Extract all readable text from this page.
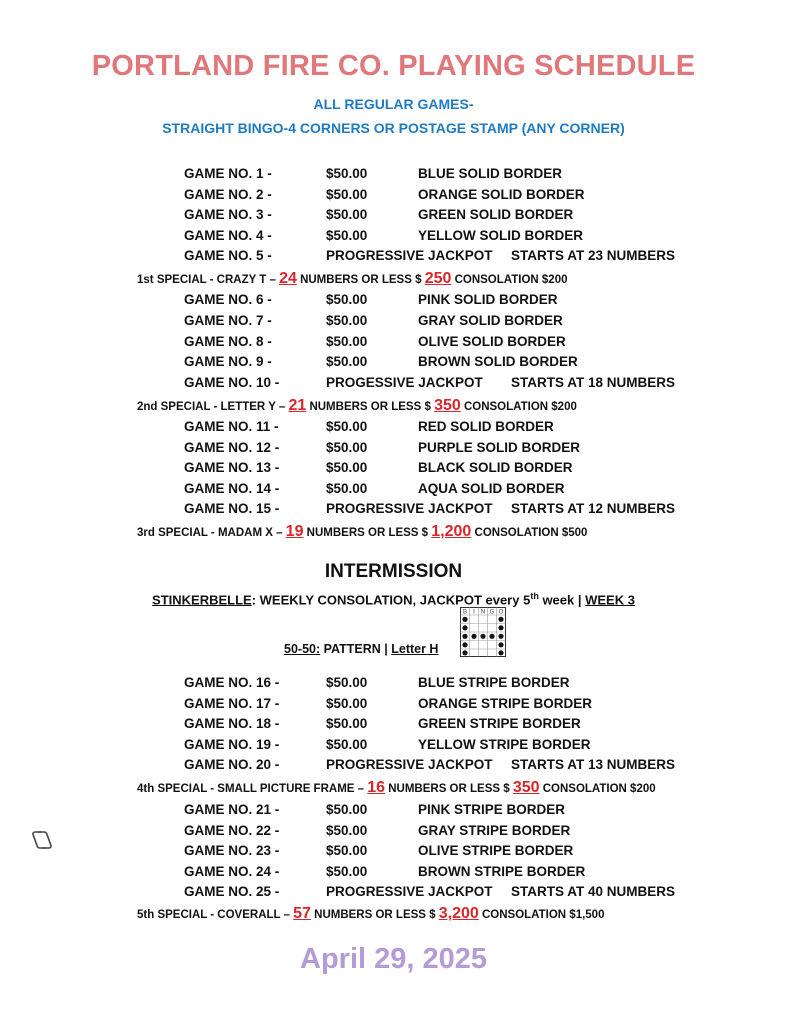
PORTLAND FIRE CO. PLAYING SCHEDULE
ALL REGULAR GAMES-
STRAIGHT BINGO-4 CORNERS OR POSTAGE STAMP (ANY CORNER)
GAME NO. 1 -	$50.00	BLUE SOLID BORDER
GAME NO. 2 -	$50.00	ORANGE SOLID BORDER
GAME NO. 3 -	$50.00	GREEN SOLID BORDER
GAME NO. 4 -	$50.00	YELLOW SOLID BORDER
GAME NO. 5 -	PROGRESSIVE JACKPOT STARTS AT 23 NUMBERS
1st SPECIAL - CRAZY T – 24 NUMBERS OR LESS $ 250 CONSOLATION $200
GAME NO. 6 -	$50.00	PINK SOLID BORDER
GAME NO. 7 -	$50.00	GRAY SOLID BORDER
GAME NO. 8 -	$50.00	OLIVE SOLID BORDER
GAME NO. 9 -	$50.00	BROWN SOLID BORDER
GAME NO. 10 -	PROGESSIVE JACKPOT STARTS AT 18 NUMBERS
2nd SPECIAL - LETTER Y – 21 NUMBERS OR LESS $ 350 CONSOLATION $200
GAME NO. 11 -	$50.00	RED SOLID BORDER
GAME NO. 12 -	$50.00	PURPLE SOLID BORDER
GAME NO. 13 -	$50.00	BLACK SOLID BORDER
GAME NO. 14 -	$50.00	AQUA SOLID BORDER
GAME NO. 15 -	PROGRESSIVE JACKPOT STARTS AT 12 NUMBERS
3rd SPECIAL - MADAM X – 19 NUMBERS OR LESS $ 1,200 CONSOLATION $500
INTERMISSION
STINKERBELLE: WEEKLY CONSOLATION, JACKPOT every 5th week | WEEK 3
50-50: PATTERN | Letter H
B I N G O
GAME NO. 16 -	$50.00	BLUE STRIPE BORDER
GAME NO. 17 -	$50.00	ORANGE STRIPE BORDER
GAME NO. 18 -	$50.00	GREEN STRIPE BORDER
GAME NO. 19 -	$50.00	YELLOW STRIPE BORDER
GAME NO. 20 -	PROGRESSIVE JACKPOT STARTS AT 13 NUMBERS
4th SPECIAL - SMALL PICTURE FRAME – 16 NUMBERS OR LESS $ 350 CONSOLATION $200
GAME NO. 21 -	$50.00	PINK STRIPE BORDER
GAME NO. 22 -	$50.00	GRAY STRIPE BORDER
GAME NO. 23 -	$50.00	OLIVE STRIPE BORDER
GAME NO. 24 -	$50.00	BROWN STRIPE BORDER
GAME NO. 25 -	PROGRESSIVE JACKPOT STARTS AT 40 NUMBERS
5th SPECIAL - COVERALL – 57 NUMBERS OR LESS $ 3,200 CONSOLATION $1,500
April 29, 2025
